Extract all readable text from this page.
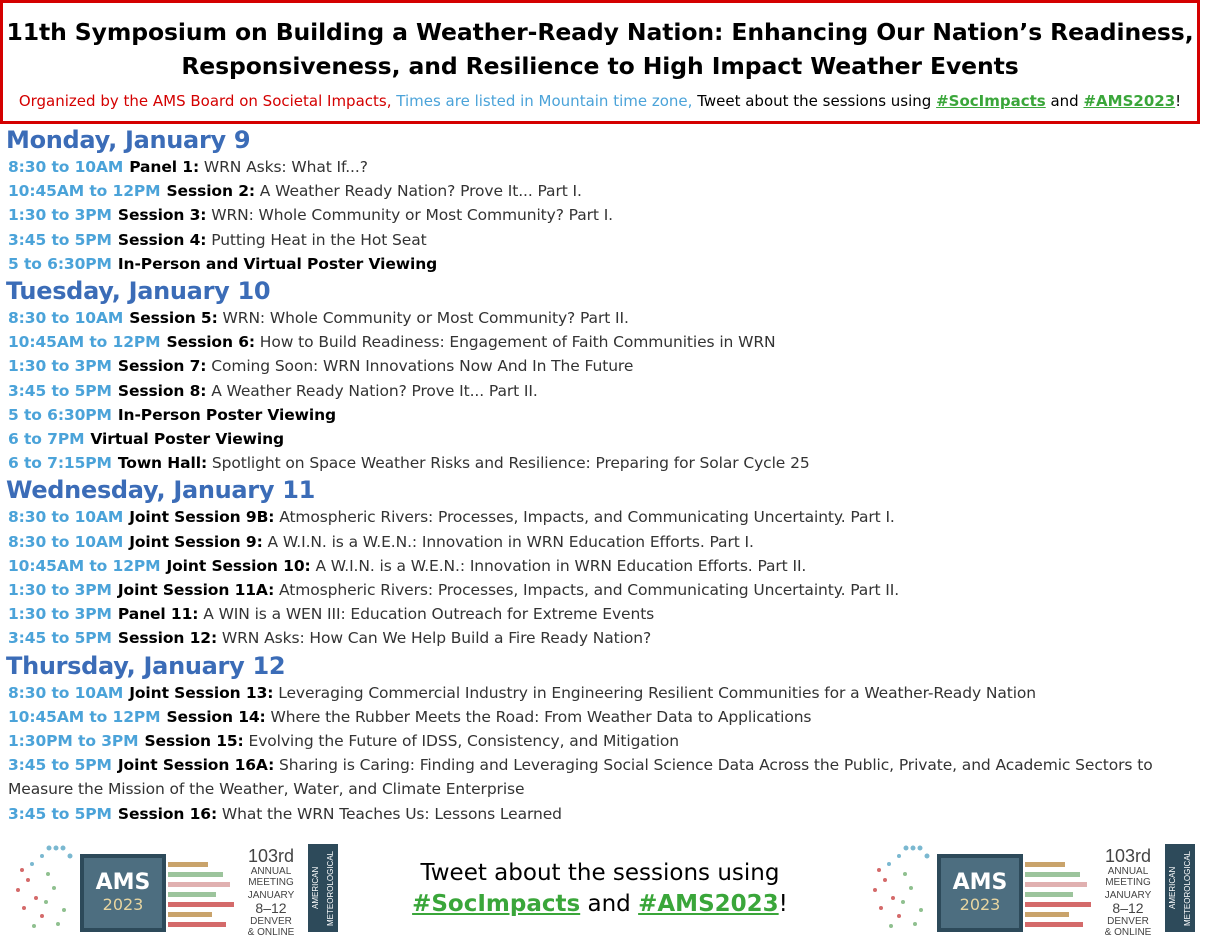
11th Symposium on Building a Weather-Ready Nation: Enhancing Our Nation’s Readiness,
Responsiveness, and Resilience to High Impact Weather Events
Organized by the AMS Board on Societal Impacts, Times are listed in Mountain time zone, Tweet about the sessions using #SocImpacts and #AMS2023!
Monday, January 9
8:30 to 10AM Panel 1: WRN Asks: What If...?
10:45AM to 12PM Session 2: A Weather Ready Nation? Prove It... Part I.
1:30 to 3PM Session 3: WRN: Whole Community or Most Community? Part I.
3:45 to 5PM Session 4: Putting Heat in the Hot Seat
5 to 6:30PM In-Person and Virtual Poster Viewing
Tuesday, January 10
8:30 to 10AM Session 5: WRN: Whole Community or Most Community? Part II.
10:45AM to 12PM Session 6: How to Build Readiness: Engagement of Faith Communities in WRN
1:30 to 3PM Session 7: Coming Soon: WRN Innovations Now And In The Future
3:45 to 5PM Session 8: A Weather Ready Nation? Prove It... Part II.
5 to 6:30PM In-Person Poster Viewing
6 to 7PM Virtual Poster Viewing
6 to 7:15PM Town Hall: Spotlight on Space Weather Risks and Resilience: Preparing for Solar Cycle 25
Wednesday, January 11
8:30 to 10AM Joint Session 9B: Atmospheric Rivers: Processes, Impacts, and Communicating Uncertainty. Part I.
8:30 to 10AM Joint Session 9: A W.I.N. is a W.E.N.: Innovation in WRN Education Efforts. Part I.
10:45AM to 12PM Joint Session 10: A W.I.N. is a W.E.N.: Innovation in WRN Education Efforts. Part II.
1:30 to 3PM Joint Session 11A: Atmospheric Rivers: Processes, Impacts, and Communicating Uncertainty. Part II.
1:30 to 3PM Panel 11: A WIN is a WEN III: Education Outreach for Extreme Events
3:45 to 5PM Session 12: WRN Asks: How Can We Help Build a Fire Ready Nation?
Thursday, January 12
8:30 to 10AM Joint Session 13: Leveraging Commercial Industry in Engineering Resilient Communities for a Weather-Ready Nation
10:45AM to 12PM Session 14: Where the Rubber Meets the Road: From Weather Data to Applications
1:30PM to 3PM Session 15: Evolving the Future of IDSS, Consistency, and Mitigation
3:45 to 5PM Joint Session 16A: Sharing is Caring: Finding and Leveraging Social Science Data Across the Public, Private, and Academic Sectors to Measure the Mission of the Weather, Water, and Climate Enterprise
3:45 to 5PM Session 16: What the WRN Teaches Us: Lessons Learned
AMS
2023
103rd
ANNUAL
MEETING
JANUARY
8–12
DENVER
& ONLINE
AMERICAN METEOROLOGICAL SOCIETY	Tweet about the sessions using
#SocImpacts and #AMS2023!
AMS
2023
103rd
ANNUAL
MEETING
JANUARY
8–12
DENVER
& ONLINE
AMERICAN METEOROLOGICAL SOCIETY
